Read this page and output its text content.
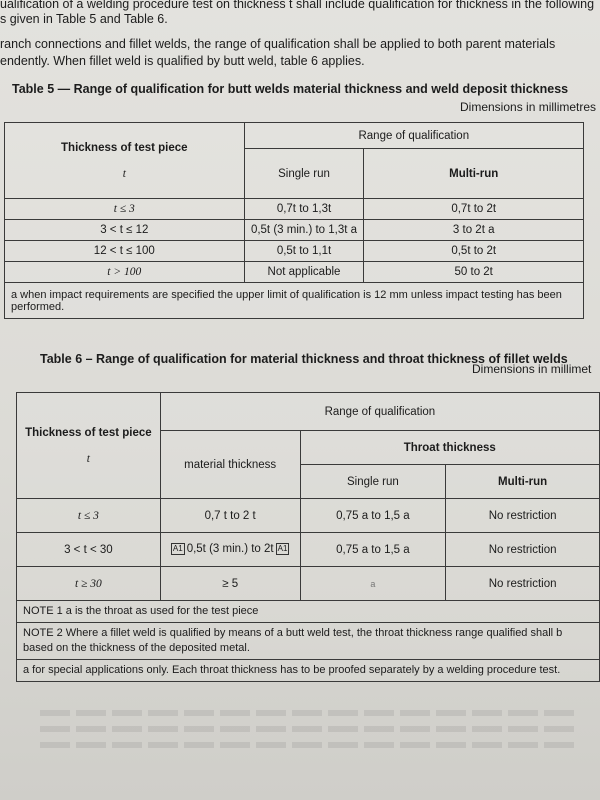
ualification of a welding procedure test on thickness t shall include qualification for thickness in the following
s given in Table 5 and Table 6.
ranch connections and fillet welds, the range of qualification shall be applied to both parent materials
endently. When fillet weld is qualified by butt weld, table 6 applies.
Table 5 — Range of qualification for butt welds material thickness and weld deposit thickness
Dimensions in millimetres
Thickness of test piece
t	Range of qualification	
	Single run	Multi-run
t ≤ 3	0,7t to 1,3t	0,7t to 2t
3 < t ≤ 12	0,5t (3 min.) to 1,3t a	3 to 2t a
12 < t ≤ 100	0,5t to 1,1t	0,5t to 2t
t > 100	Not applicable	50 to 2t
a when impact requirements are specified the upper limit of qualification is 12 mm unless impact testing has been performed.		
Table 6 – Range of qualification for material thickness and throat thickness of fillet welds
Dimensions in millimet
Thickness of test piece
t	Range of qualification		
	material thickness	Throat thickness	
		Single run	Multi-run
t ≤ 3	0,7 t to 2 t	0,75 a to 1,5 a	No restriction
3 < t < 30	A1 0,5t (3 min.) to 2t A1	0,75 a to 1,5 a	No restriction
t ≥ 30	≥ 5	a	No restriction
NOTE 1 a is the throat as used for the test piece			
NOTE 2 Where a fillet weld is qualified by means of a butt weld test, the throat thickness range qualified shall b based on the thickness of the deposited metal.			
a for special applications only. Each throat thickness has to be proofed separately by a welding procedure test.			
